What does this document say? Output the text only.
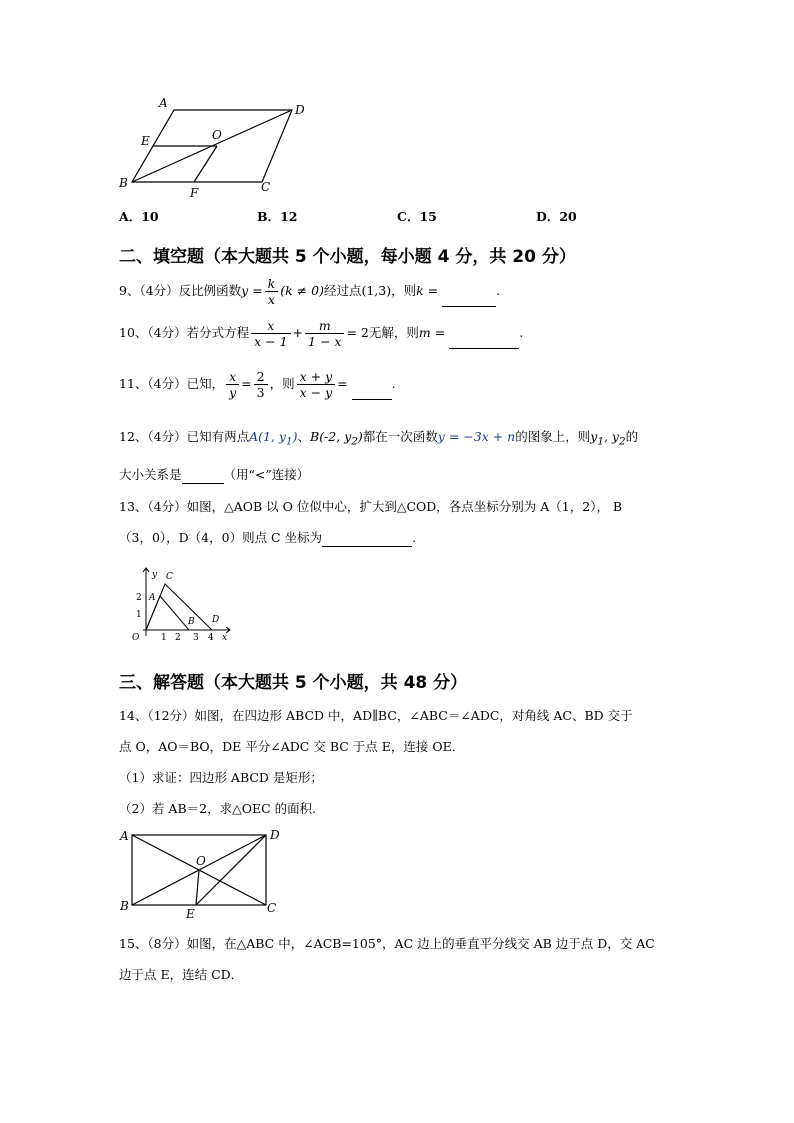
A	D
E	O
B
F	C
A．10	B．12	C．15	D．20
二、填空题（本大题共 5 个小题，每小题 4 分，共 20 分）
9、（4分）反比例函数$y = \frac{k}{x} (k \ne 0)$经过点(1,3)，则k =	.
10、（4分）若分式方程 $\frac{x}{x - 1} + \frac{m}{1 - x} = 2$无解，则m =	.
11、（4分）已知， $\frac{x}{y} = \frac{2}{3}$ ，则 $\frac{x + y}{x - y}$ =	.
12、（4分）已知有两点A(1, $y_1$)、B(-2, $y_2$)都在一次函数y = −3x + n的图象上，则$y_1$, $y_2$的
大小关系是	（用“<”连接）
13、（4分）如图，△AOB 以 O 位似中心，扩大到△COD，各点坐标分别为 A（1，2）， B
（3，0），D（4，0）则点 C 坐标为	.
y
x
C
A
B D
O 1 2 3 4
1
2
三、解答题（本大题共 5 个小题，共 48 分）
14、（12分）如图，在四边形 ABCD 中，AD∥BC，∠ABC＝∠ADC，对角线 AC、BD 交于
点 O，AO＝BO，DE 平分∠ADC 交 BC 于点 E，连接 OE．
（1）求证：四边形 ABCD 是矩形；
（2）若 AB＝2，求△OEC 的面积.
A	D
O
B
E	C
15、（8分）如图，在△ABC 中，∠ACB=105°，AC 边上的垂直平分线交 AB 边于点 D，交 AC
边于点 E，连结 CD．
